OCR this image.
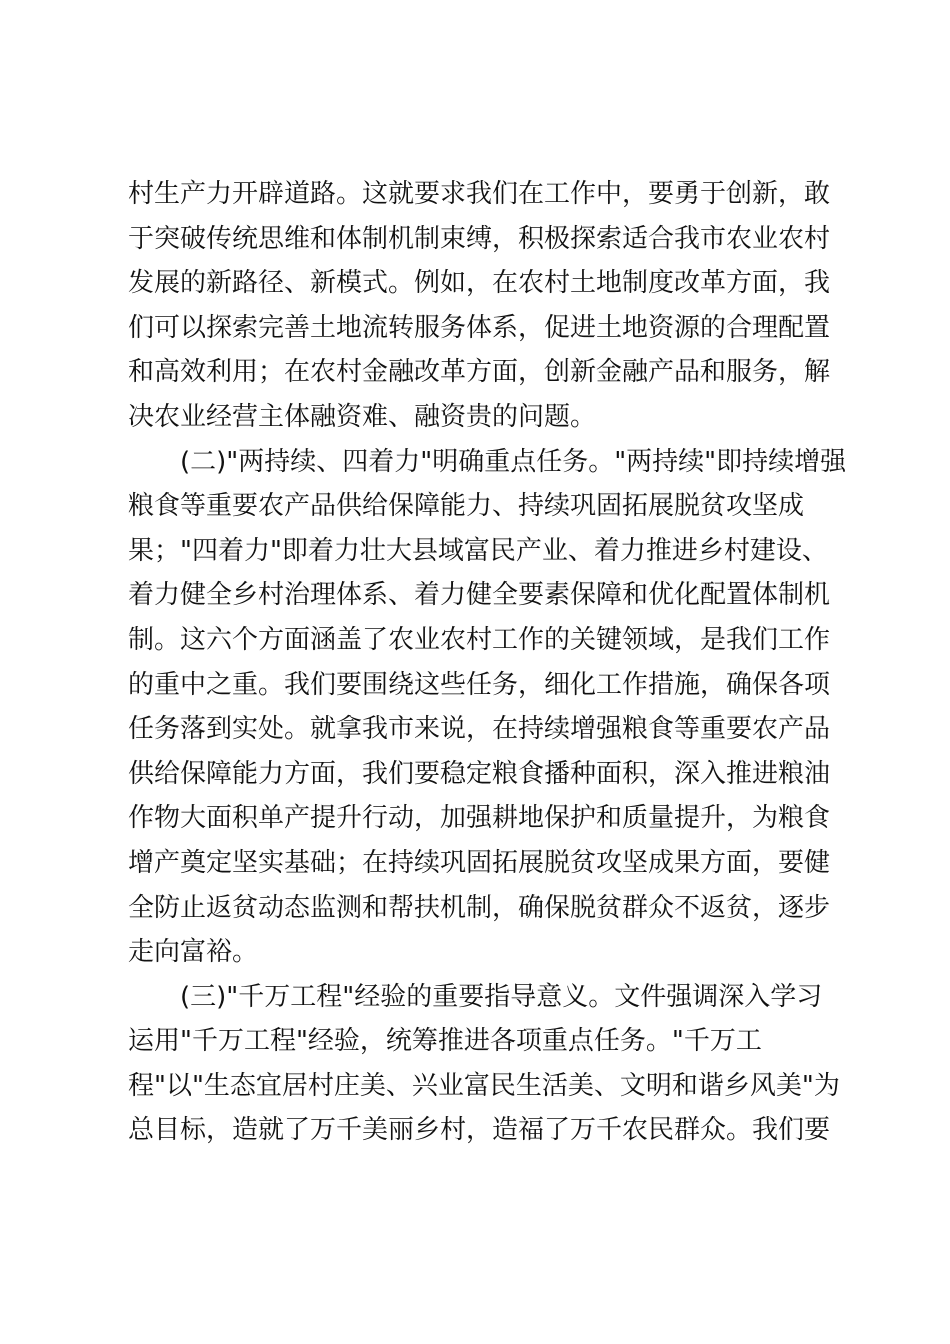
村生产力开辟道路。这就要求我们在工作中，要勇于创新，敢
于突破传统思维和体制机制束缚，积极探索适合我市农业农村
发展的新路径、新模式。例如，在农村土地制度改革方面，我
们可以探索完善土地流转服务体系，促进土地资源的合理配置
和高效利用；在农村金融改革方面，创新金融产品和服务，解
决农业经营主体融资难、融资贵的问题。
(二)"两持续、四着力"明确重点任务。"两持续"即持续增强
粮食等重要农产品供给保障能力、持续巩固拓展脱贫攻坚成
果；"四着力"即着力壮大县域富民产业、着力推进乡村建设、
着力健全乡村治理体系、着力健全要素保障和优化配置体制机
制。这六个方面涵盖了农业农村工作的关键领域，是我们工作
的重中之重。我们要围绕这些任务，细化工作措施，确保各项
任务落到实处。就拿我市来说，在持续增强粮食等重要农产品
供给保障能力方面，我们要稳定粮食播种面积，深入推进粮油
作物大面积单产提升行动，加强耕地保护和质量提升，为粮食
增产奠定坚实基础；在持续巩固拓展脱贫攻坚成果方面，要健
全防止返贫动态监测和帮扶机制，确保脱贫群众不返贫，逐步
走向富裕。
(三)"千万工程"经验的重要指导意义。文件强调深入学习
运用"千万工程"经验，统筹推进各项重点任务。"千万工
程"以"生态宜居村庄美、兴业富民生活美、文明和谐乡风美"为
总目标，造就了万千美丽乡村，造福了万千农民群众。我们要
